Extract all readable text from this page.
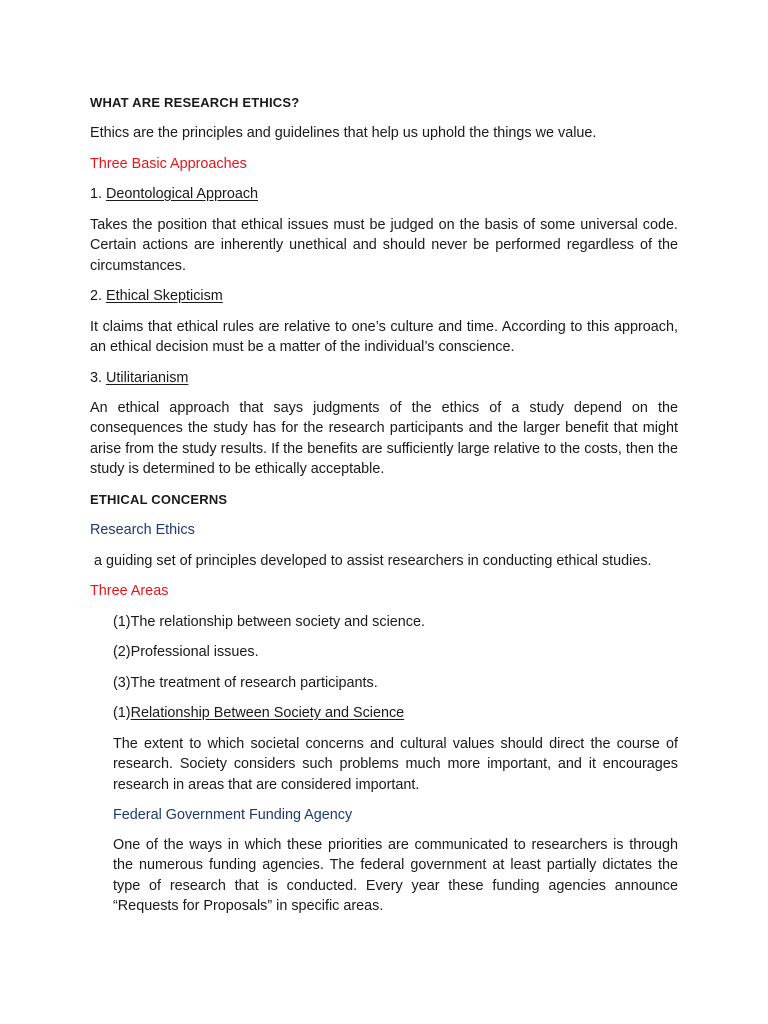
WHAT ARE RESEARCH ETHICS?
Ethics are the principles and guidelines that help us uphold the things we value.
Three Basic Approaches
1. Deontological Approach
Takes the position that ethical issues must be judged on the basis of some universal code. Certain actions are inherently unethical and should never be performed regardless of the circumstances.
2. Ethical Skepticism
It claims that ethical rules are relative to one’s culture and time. According to this approach, an ethical decision must be a matter of the individual’s conscience.
3. Utilitarianism
An ethical approach that says judgments of the ethics of a study depend on the consequences the study has for the research participants and the larger benefit that might arise from the study results. If the benefits are sufficiently large relative to the costs, then the study is determined to be ethically acceptable.
ETHICAL CONCERNS
Research Ethics
a guiding set of principles developed to assist researchers in conducting ethical studies.
Three Areas
(1)The relationship between society and science.
(2)Professional issues.
(3)The treatment of research participants.
(1)Relationship Between Society and Science
The extent to which societal concerns and cultural values should direct the course of research. Society considers such problems much more important, and it encourages research in areas that are considered important.
Federal Government Funding Agency
One of the ways in which these priorities are communicated to researchers is through the numerous funding agencies. The federal government at least partially dictates the type of research that is conducted. Every year these funding agencies announce “Requests for Proposals” in specific areas.
